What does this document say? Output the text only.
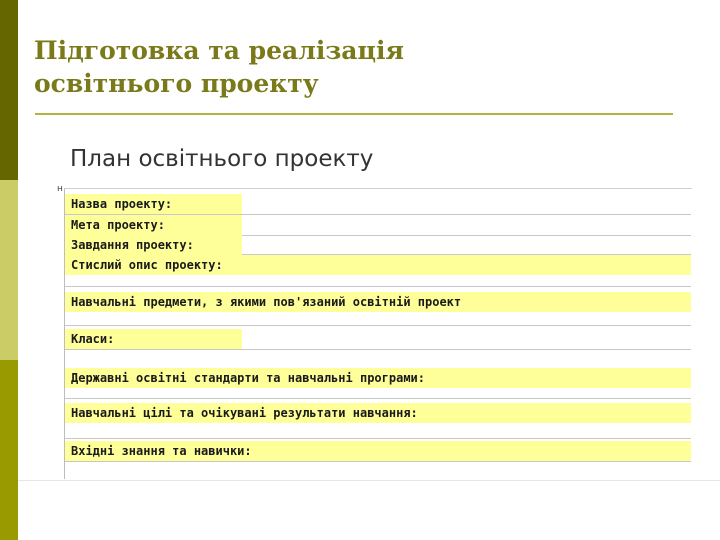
Підготовка та реалізація
освітнього проекту
План освітнього проекту
н
Назва проекту:
Мета проекту:
Завдання проекту:
Стислий опис проекту:
Навчальні предмети, з якими пов'язаний освітній проект
Класи:
Державні освітні стандарти та навчальні програми:
Навчальні цілі та очікувані результати навчання:
Вхідні знання та навички:
